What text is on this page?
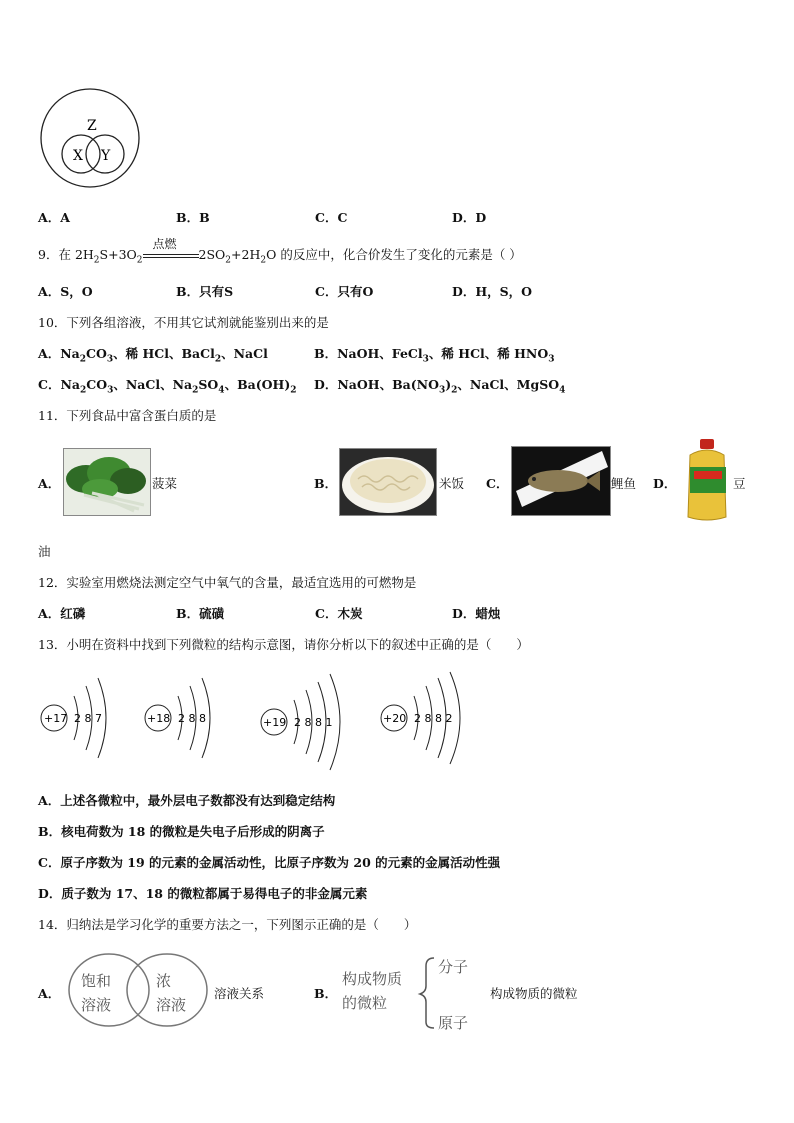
Z
X Y
A．A	B．B	C．C	D．D
9．在 $2H_2S+3O_2$
点燃
$2SO_2+2H_2O$ 的反应中，化合价发生了变化的元素是（ ）
A．S，O	B．只有S	C．只有O	D．H，S，O
10．下列各组溶液，不用其它试剂就能鉴别出来的是
A．$Na_2CO_3$、稀 HCl、BaCl$_2$、NaCl	B．NaOH、FeCl$_3$、稀 HCl、稀 $HNO_3$
C．$Na_2CO_3$、NaCl、$Na_2SO_4$、$Ba(OH)_2$ D．NaOH、$Ba(NO_3)_2$、NaCl、MgSO$_4$
11．下列食品中富含蛋白质的是
A．	菠菜	B．	米饭 C．	鲤鱼 D．	豆
油
12．实验室用燃烧法测定空气中氧气的含量，最适宜选用的可燃物是
A．红磷	B．硫磺	C．木炭	D．蜡烛
13．小明在资料中找到下列微粒的结构示意图，请你分析以下的叙述中正确的是（　　）
+17 2 8 7	+18 2 8 8	+19 2 8 8 1	+20 2 8 8 2
A．上述各微粒中，最外层电子数都没有达到稳定结构
B．核电荷数为 18 的微粒是失电子后形成的阴离子
C．原子序数为 19 的元素的金属活动性，比原子序数为 20 的元素的金属活动性强
D．质子数为 17、18 的微粒都属于易得电子的非金属元素
14．归纳法是学习化学的重要方法之一，下列图示正确的是（　　）
A．
饱和
溶液
浓
溶液
溶液关系	B．
构成物质
的微粒
分子
原子
构成物质的微粒
